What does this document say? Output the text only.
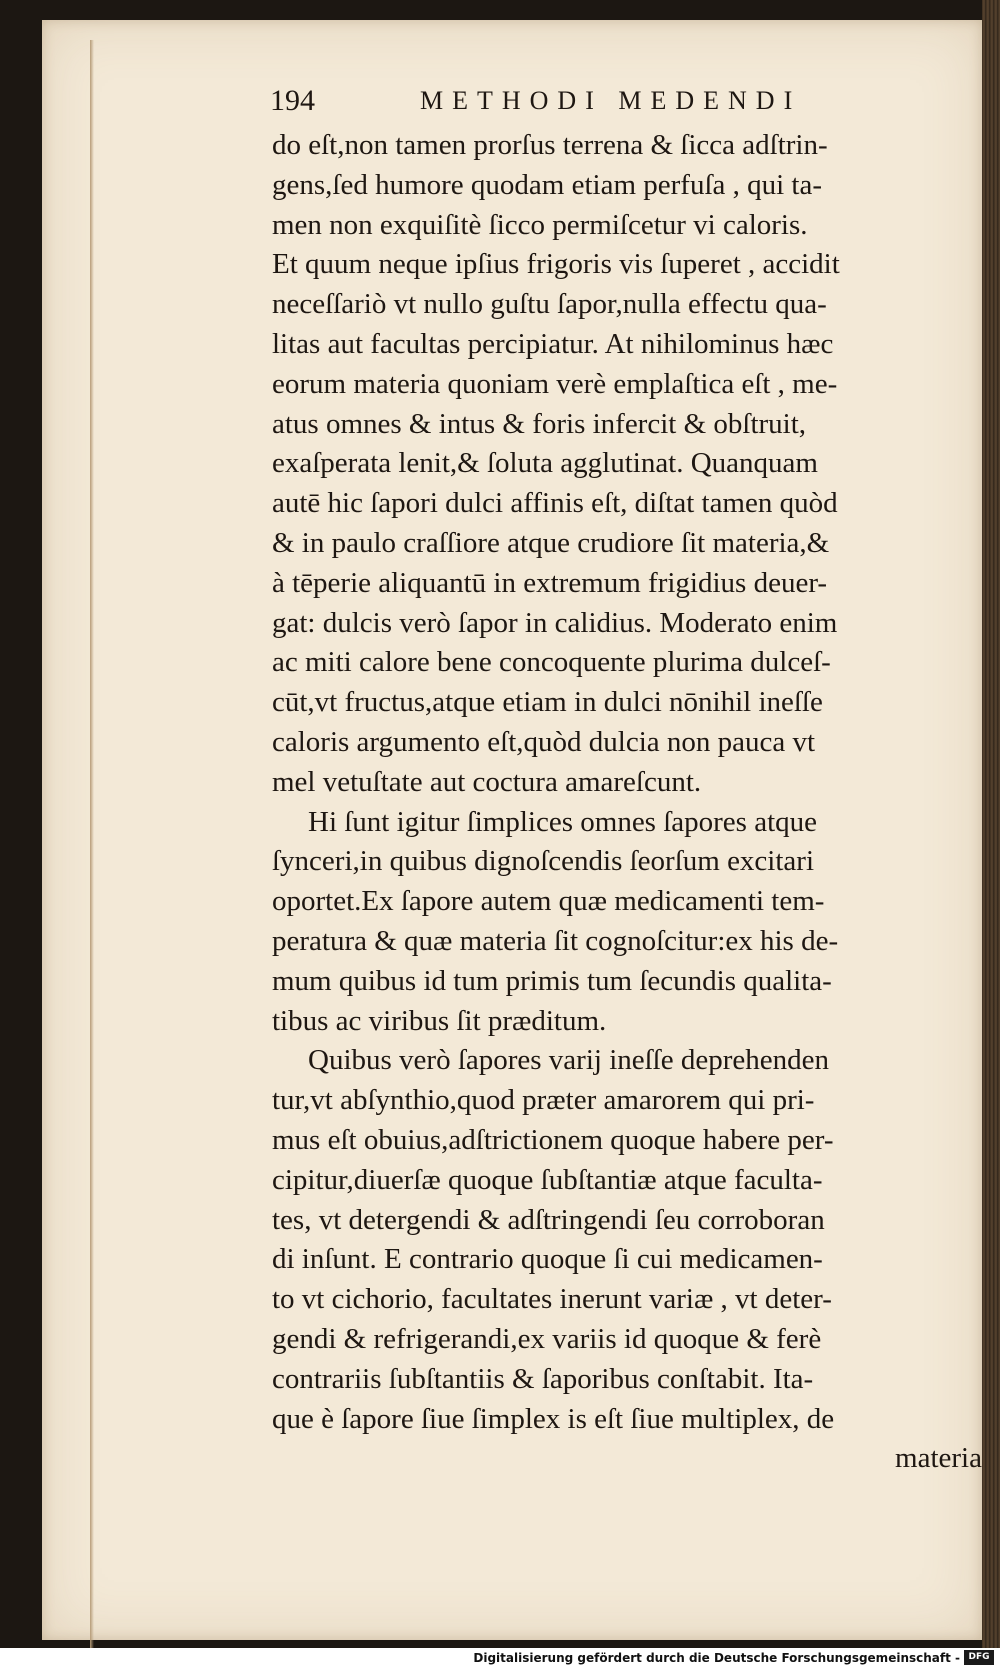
194	METHODI MEDENDI
do eſt,non tamen prorſus terrena & ſicca adſtrin-
gens,ſed humore quodam etiam perfuſa , qui ta-
men non exquiſitè ſicco permiſcetur vi caloris.
Et quum neque ipſius frigoris vis ſuperet , accidit
neceſſariò vt nullo guſtu ſapor,nulla effectu qua-
litas aut facultas percipiatur. At nihilominus hæc
eorum materia quoniam verè emplaſtica eſt , me-
atus omnes & intus & foris infercit & obſtruit,
exaſperata lenit,& ſoluta agglutinat. Quanquam
autē hic ſapori dulci affinis eſt, diſtat tamen quòd
& in paulo craſſiore atque crudiore ſit materia,&
à tēperie aliquantū in extremum frigidius deuer-
gat: dulcis verò ſapor in calidius. Moderato enim
ac miti calore bene concoquente plurima dulceſ-
cūt,vt fructus,atque etiam in dulci nōnihil ineſſe
caloris argumento eſt,quòd dulcia non pauca vt
mel vetuſtate aut coctura amareſcunt.
Hi ſunt igitur ſimplices omnes ſapores atque
ſynceri,in quibus dignoſcendis ſeorſum excitari
oportet.Ex ſapore autem quæ medicamenti tem-
peratura & quæ materia ſit cognoſcitur:ex his de-
mum quibus id tum primis tum ſecundis qualita-
tibus ac viribus ſit præditum.
Quibus verò ſapores varij ineſſe deprehenden
tur,vt abſynthio,quod præter amarorem qui pri-
mus eſt obuius,adſtrictionem quoque habere per-
cipitur,diuerſæ quoque ſubſtantiæ atque faculta-
tes, vt detergendi & adſtringendi ſeu corroboran
di inſunt. E contrario quoque ſi cui medicamen-
to vt cichorio, facultates inerunt variæ , vt deter-
gendi & refrigerandi,ex variis id quoque & ferè
contrariis ſubſtantiis & ſaporibus conſtabit. Ita-
que è ſapore ſiue ſimplex is eſt ſiue multiplex, de
materia
Digitalisierung gefördert durch die Deutsche Forschungsgemeinschaft - DFG
